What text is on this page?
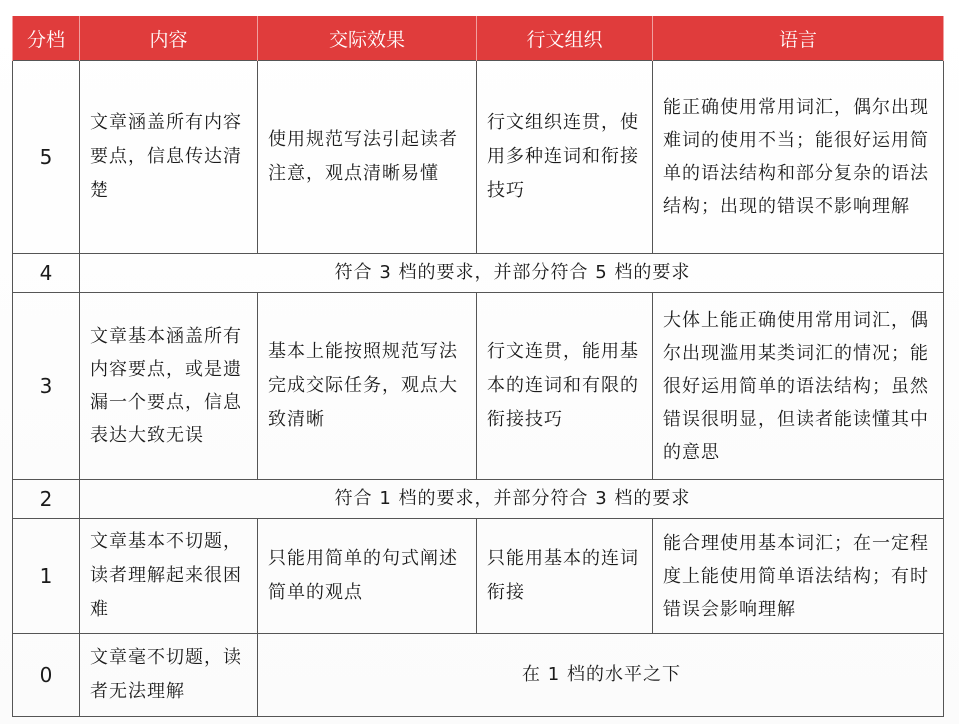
分档	内容	交际效果	行文组织	语言
5	文章涵盖所有内容要点，信息传达清楚	使用规范写法引起读者注意，观点清晰易懂	行文组织连贯，使用多种连词和衔接技巧	能正确使用常用词汇，偶尔出现难词的使用不当；能很好运用简单的语法结构和部分复杂的语法结构；出现的错误不影响理解
4	符合 3 档的要求，并部分符合 5 档的要求			
3	文章基本涵盖所有内容要点，或是遗漏一个要点，信息表达大致无误	基本上能按照规范写法完成交际任务，观点大致清晰	行文连贯，能用基本的连词和有限的衔接技巧	大体上能正确使用常用词汇，偶尔出现滥用某类词汇的情况；能很好运用简单的语法结构；虽然错误很明显，但读者能读懂其中的意思
2	符合 1 档的要求，并部分符合 3 档的要求			
1	文章基本不切题，读者理解起来很困难	只能用简单的句式阐述简单的观点	只能用基本的连词衔接	能合理使用基本词汇；在一定程度上能使用简单语法结构；有时错误会影响理解
0	文章毫不切题，读者无法理解	在 1 档的水平之下		
